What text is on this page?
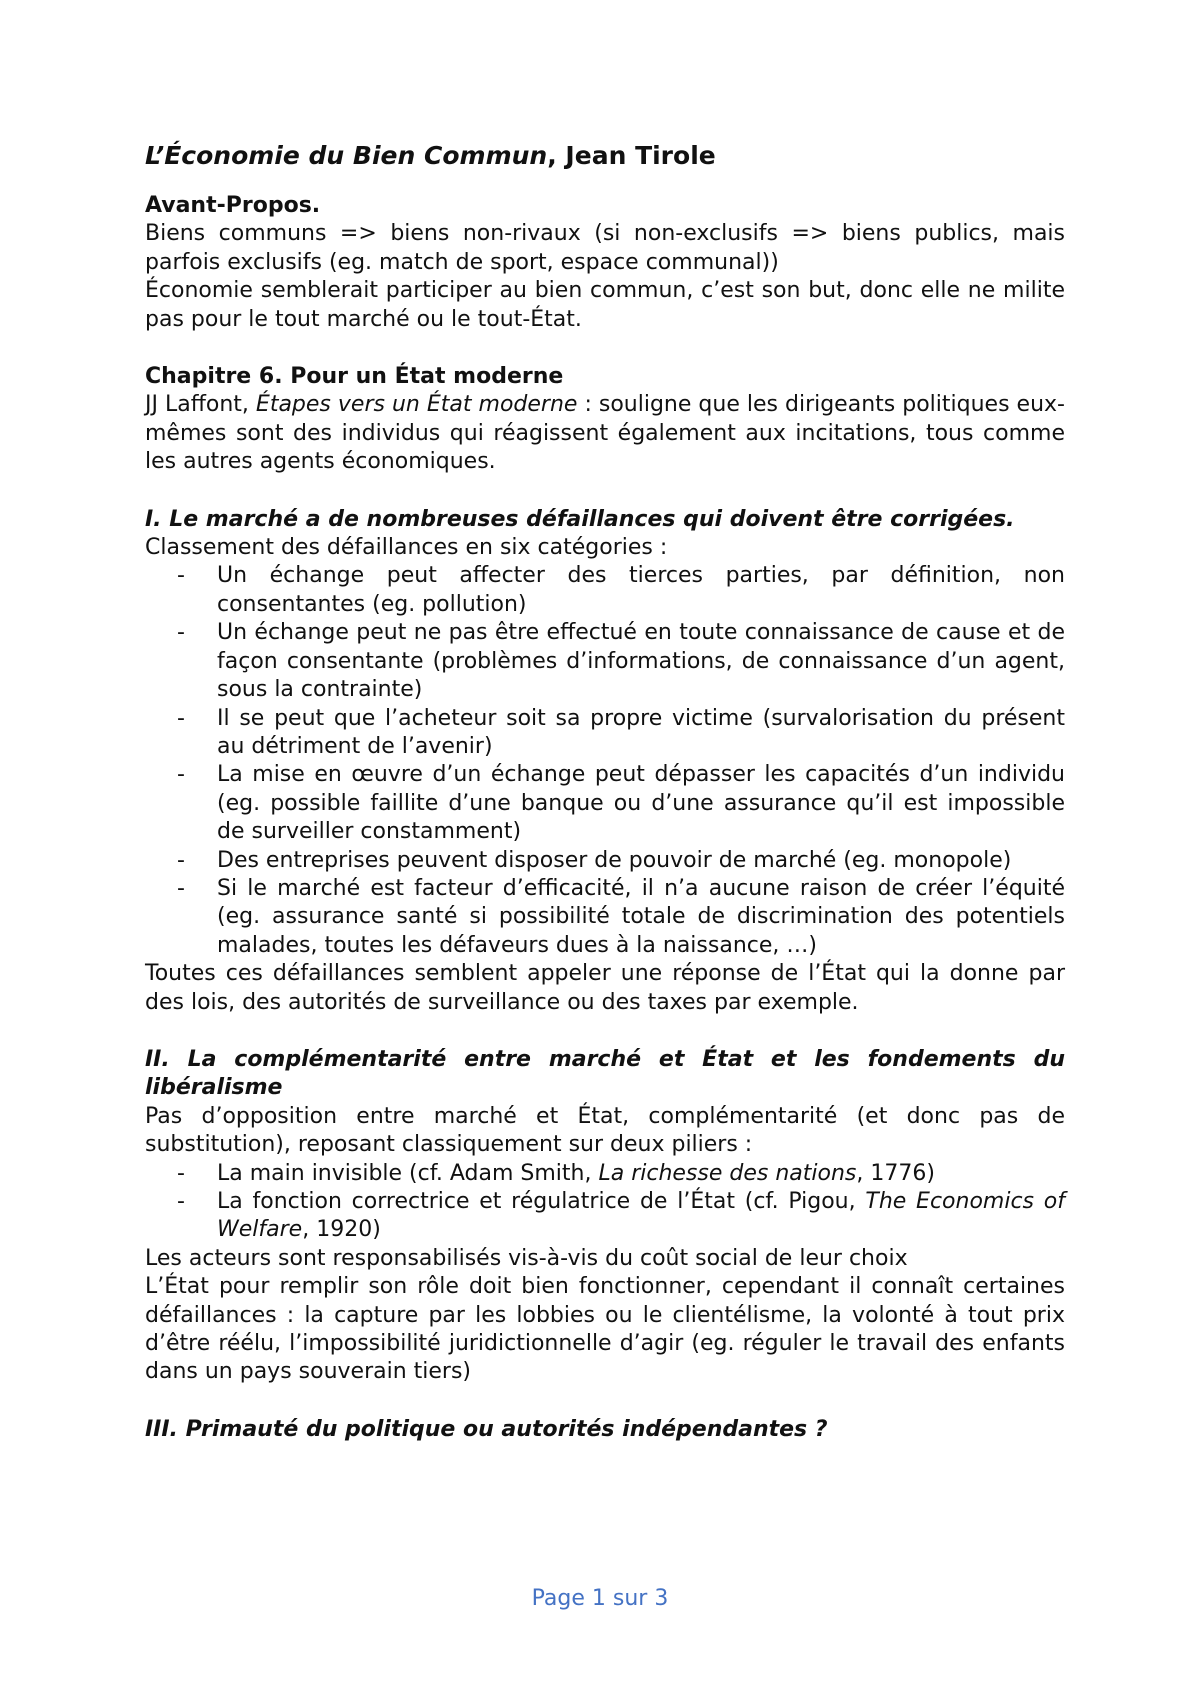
L’Économie du Bien Commun, Jean Tirole

Avant-Propos.

Biens communs => biens non-rivaux (si non-exclusifs => biens publics, mais parfois exclusifs (eg. match de sport, espace communal))

Économie semblerait participer au bien commun, c’est son but, donc elle ne milite pas pour le tout marché ou le tout-État.

Chapitre 6. Pour un État moderne

JJ Laffont, Étapes vers un État moderne : souligne que les dirigeants politiques eux-mêmes sont des individus qui réagissent également aux incitations, tous comme les autres agents économiques.

I. Le marché a de nombreuses défaillances qui doivent être corrigées.

Classement des défaillances en six catégories :

- Un échange peut affecter des tierces parties, par définition, non consentantes (eg. pollution)
- Un échange peut ne pas être effectué en toute connaissance de cause et de façon consentante (problèmes d’informations, de connaissance d’un agent, sous la contrainte)
- Il se peut que l’acheteur soit sa propre victime (survalorisation du présent au détriment de l’avenir)
- La mise en œuvre d’un échange peut dépasser les capacités d’un individu (eg. possible faillite d’une banque ou d’une assurance qu’il est impossible de surveiller constamment)
- Des entreprises peuvent disposer de pouvoir de marché (eg. monopole)
- Si le marché est facteur d’efficacité, il n’a aucune raison de créer l’équité (eg. assurance santé si possibilité totale de discrimination des potentiels malades, toutes les défaveurs dues à la naissance, …)

Toutes ces défaillances semblent appeler une réponse de l’État qui la donne par des lois, des autorités de surveillance ou des taxes par exemple.

II. La complémentarité entre marché et État et les fondements du libéralisme

Pas d’opposition entre marché et État, complémentarité (et donc pas de substitution), reposant classiquement sur deux piliers :

- La main invisible (cf. Adam Smith, La richesse des nations, 1776)
- La fonction correctrice et régulatrice de l’État (cf. Pigou, The Economics of Welfare, 1920)

Les acteurs sont responsabilisés vis-à-vis du coût social de leur choix

L’État pour remplir son rôle doit bien fonctionner, cependant il connaît certaines défaillances : la capture par les lobbies ou le clientélisme, la volonté à tout prix d’être réélu, l’impossibilité juridictionnelle d’agir (eg. réguler le travail des enfants dans un pays souverain tiers)

III. Primauté du politique ou autorités indépendantes ?

Page 1 sur 3
